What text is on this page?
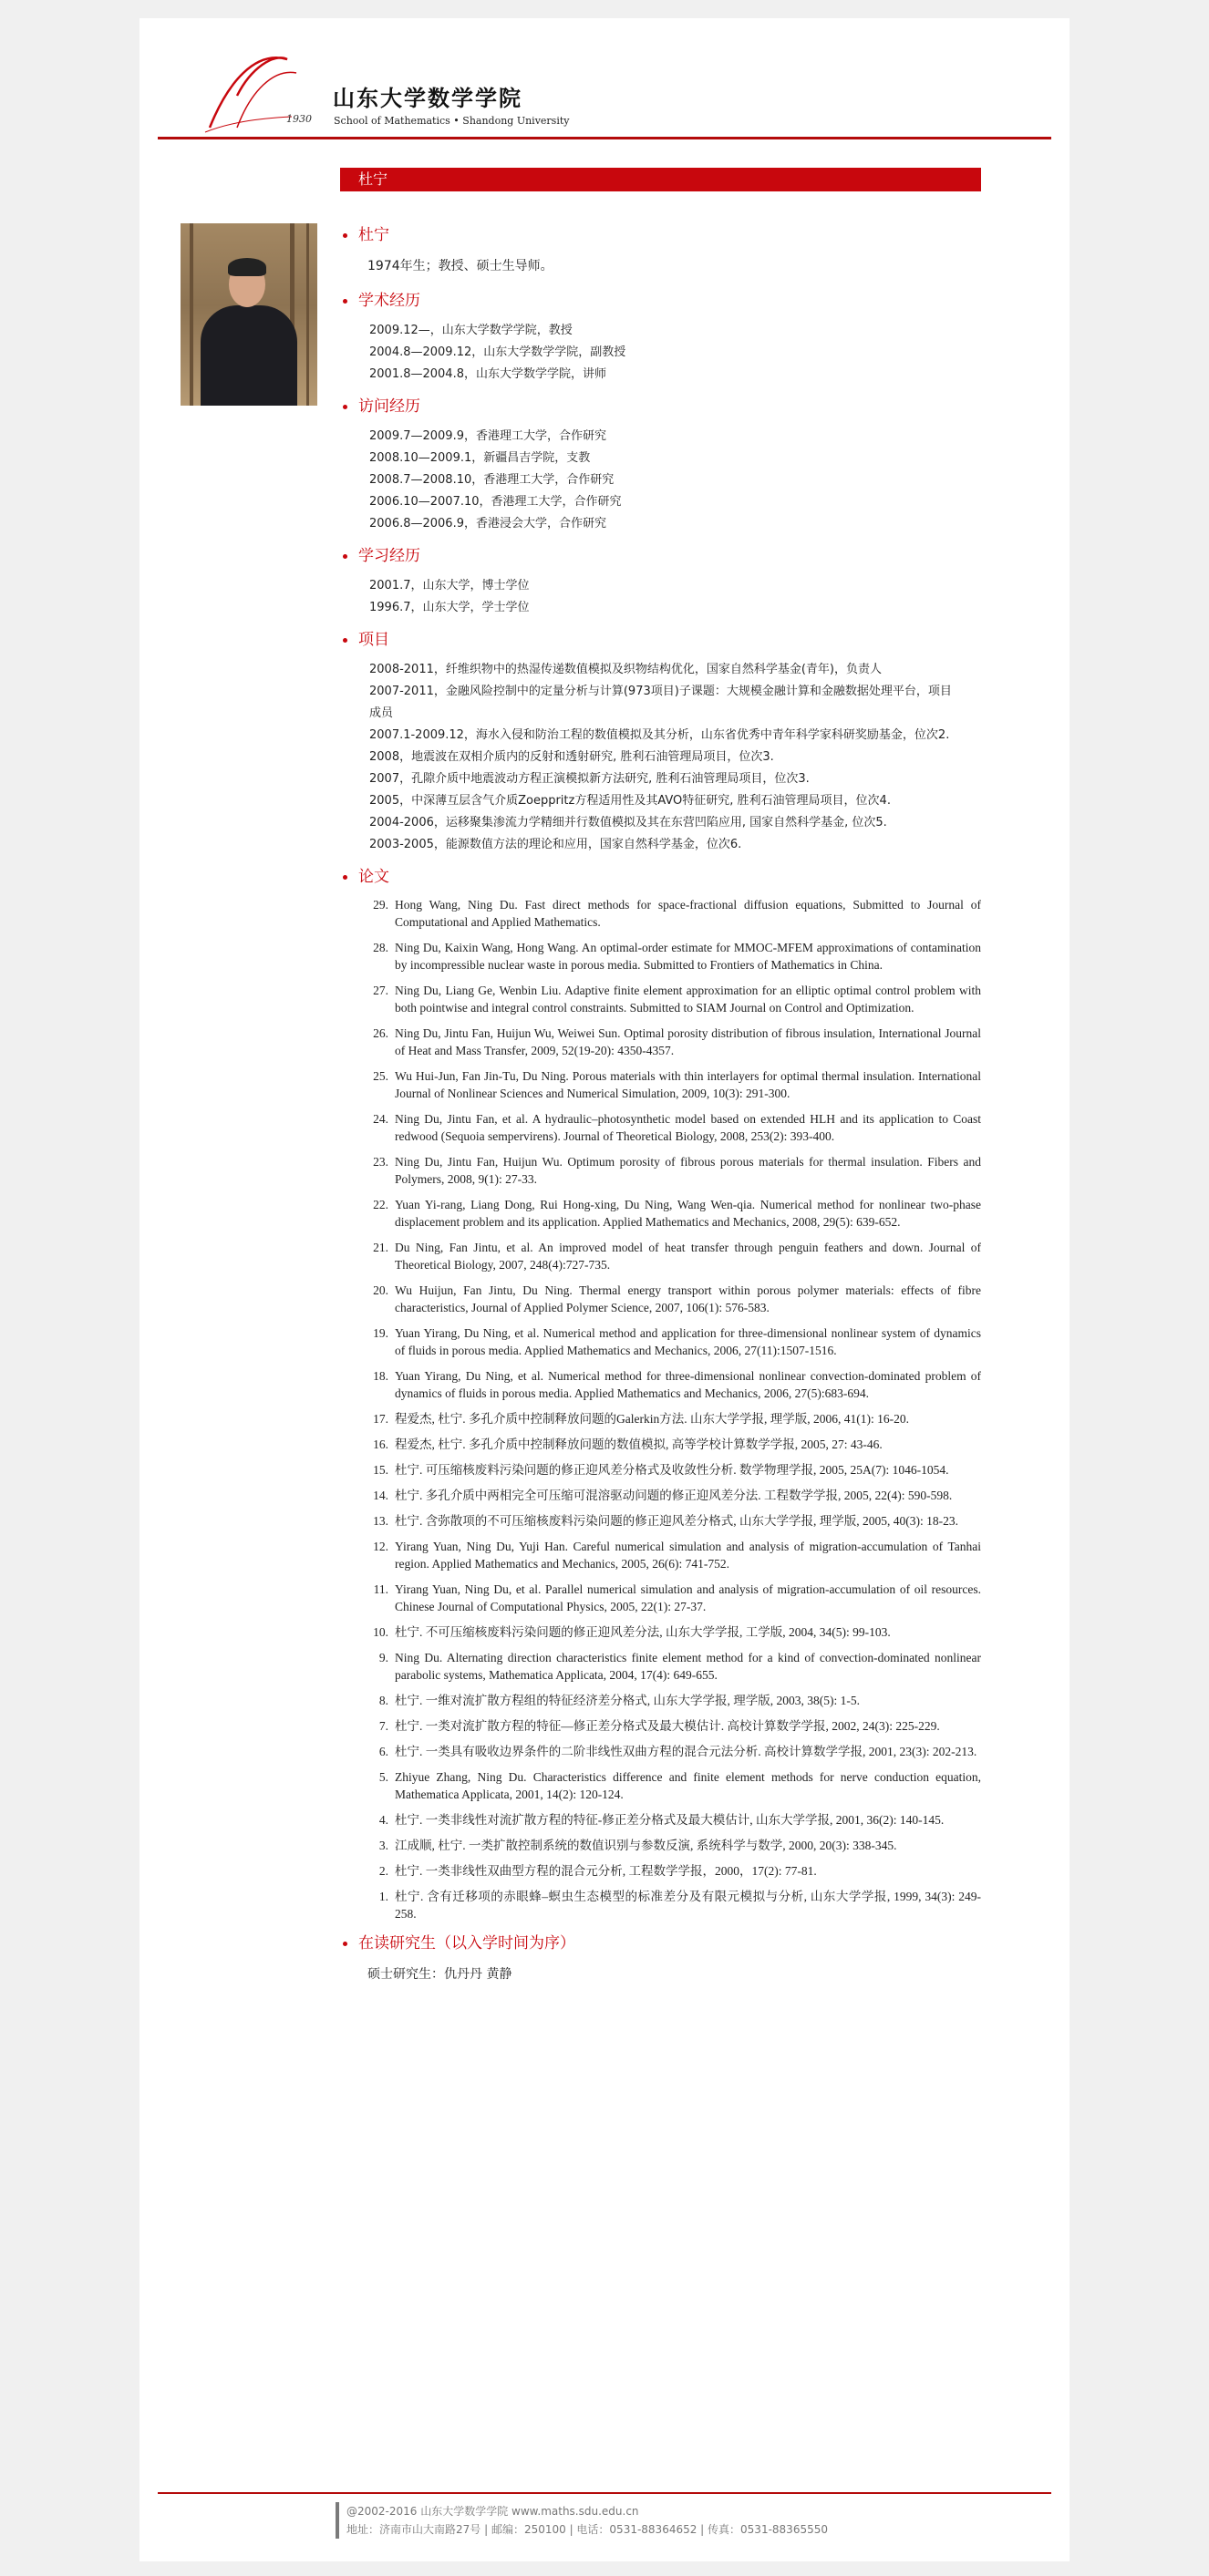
1930
山东大学数学学院
School of Mathematics • Shandong University
杜宁
杜宁
1974年生；教授、硕士生导师。
学术经历
2009.12—，山东大学数学学院，教授
2004.8—2009.12，山东大学数学学院，副教授
2001.8—2004.8，山东大学数学学院，讲师
访问经历
2009.7—2009.9，香港理工大学，合作研究
2008.10—2009.1，新疆昌吉学院，支教
2008.7—2008.10，香港理工大学，合作研究
2006.10—2007.10，香港理工大学，合作研究
2006.8—2006.9，香港浸会大学，合作研究
学习经历
2001.7，山东大学，博士学位
1996.7，山东大学，学士学位
项目
2008-2011，纤维织物中的热湿传递数值模拟及织物结构优化，国家自然科学基金(青年)，负责人
2007-2011，金融风险控制中的定量分析与计算(973项目)子课题：大规模金融计算和金融数据处理平台，项目成员
2007.1-2009.12，海水入侵和防治工程的数值模拟及其分析，山东省优秀中青年科学家科研奖励基金，位次2.
2008，地震波在双相介质内的反射和透射研究, 胜利石油管理局项目，位次3.
2007，孔隙介质中地震波动方程正演模拟新方法研究, 胜利石油管理局项目，位次3.
2005，中深薄互层含气介质Zoeppritz方程适用性及其AVO特征研究, 胜利石油管理局项目，位次4.
2004-2006，运移聚集渗流力学精细并行数值模拟及其在东营凹陷应用, 国家自然科学基金, 位次5.
2003-2005，能源数值方法的理论和应用，国家自然科学基金，位次6.
论文
29. Hong Wang, Ning Du. Fast direct methods for space-fractional diffusion equations, Submitted to Journal of Computational and Applied Mathematics.
28. Ning Du, Kaixin Wang, Hong Wang. An optimal-order estimate for MMOC-MFEM approximations of contamination by incompressible nuclear waste in porous media. Submitted to Frontiers of Mathematics in China.
27. Ning Du, Liang Ge, Wenbin Liu. Adaptive finite element approximation for an elliptic optimal control problem with both pointwise and integral control constraints. Submitted to SIAM Journal on Control and Optimization.
26. Ning Du, Jintu Fan, Huijun Wu, Weiwei Sun. Optimal porosity distribution of fibrous insulation, International Journal of Heat and Mass Transfer, 2009, 52(19-20): 4350-4357.
25. Wu Hui-Jun, Fan Jin-Tu, Du Ning. Porous materials with thin interlayers for optimal thermal insulation. International Journal of Nonlinear Sciences and Numerical Simulation, 2009, 10(3): 291-300.
24. Ning Du, Jintu Fan, et al. A hydraulic–photosynthetic model based on extended HLH and its application to Coast redwood (Sequoia sempervirens). Journal of Theoretical Biology, 2008, 253(2): 393-400.
23. Ning Du, Jintu Fan, Huijun Wu. Optimum porosity of fibrous porous materials for thermal insulation. Fibers and Polymers, 2008, 9(1): 27-33.
22. Yuan Yi-rang, Liang Dong, Rui Hong-xing, Du Ning, Wang Wen-qia. Numerical method for nonlinear two-phase displacement problem and its application. Applied Mathematics and Mechanics, 2008, 29(5): 639-652.
21. Du Ning, Fan Jintu, et al. An improved model of heat transfer through penguin feathers and down. Journal of Theoretical Biology, 2007, 248(4):727-735.
20. Wu Huijun, Fan Jintu, Du Ning. Thermal energy transport within porous polymer materials: effects of fibre characteristics, Journal of Applied Polymer Science, 2007, 106(1): 576-583.
19. Yuan Yirang, Du Ning, et al. Numerical method and application for three-dimensional nonlinear system of dynamics of fluids in porous media. Applied Mathematics and Mechanics, 2006, 27(11):1507-1516.
18. Yuan Yirang, Du Ning, et al. Numerical method for three-dimensional nonlinear convection-dominated problem of dynamics of fluids in porous media. Applied Mathematics and Mechanics, 2006, 27(5):683-694.
17. 程爱杰, 杜宁. 多孔介质中控制释放问题的Galerkin方法. 山东大学学报, 理学版, 2006, 41(1): 16-20.
16. 程爱杰, 杜宁. 多孔介质中控制释放问题的数值模拟, 高等学校计算数学学报, 2005, 27: 43-46.
15. 杜宁. 可压缩核废料污染问题的修正迎风差分格式及收敛性分析. 数学物理学报, 2005, 25A(7): 1046-1054.
14. 杜宁. 多孔介质中两相完全可压缩可混溶驱动问题的修正迎风差分法. 工程数学学报, 2005, 22(4): 590-598.
13. 杜宁. 含弥散项的不可压缩核废料污染问题的修正迎风差分格式, 山东大学学报, 理学版, 2005, 40(3): 18-23.
12. Yirang Yuan, Ning Du, Yuji Han. Careful numerical simulation and analysis of migration-accumulation of Tanhai region. Applied Mathematics and Mechanics, 2005, 26(6): 741-752.
11. Yirang Yuan, Ning Du, et al. Parallel numerical simulation and analysis of migration-accumulation of oil resources. Chinese Journal of Computational Physics, 2005, 22(1): 27-37.
10. 杜宁. 不可压缩核废料污染问题的修正迎风差分法, 山东大学学报, 工学版, 2004, 34(5): 99-103.
9. Ning Du. Alternating direction characteristics finite element method for a kind of convection-dominated nonlinear parabolic systems, Mathematica Applicata, 2004, 17(4): 649-655.
8. 杜宁. 一维对流扩散方程组的特征经济差分格式, 山东大学学报, 理学版, 2003, 38(5): 1-5.
7. 杜宁. 一类对流扩散方程的特征—修正差分格式及最大模估计. 高校计算数学学报, 2002, 24(3): 225-229.
6. 杜宁. 一类具有吸收边界条件的二阶非线性双曲方程的混合元法分析. 高校计算数学学报, 2001, 23(3): 202-213.
5. Zhiyue Zhang, Ning Du. Characteristics difference and finite element methods for nerve conduction equation, Mathematica Applicata, 2001, 14(2): 120-124.
4. 杜宁. 一类非线性对流扩散方程的特征-修正差分格式及最大模估计, 山东大学学报, 2001, 36(2): 140-145.
3. 江成顺, 杜宁. 一类扩散控制系统的数值识别与参数反演, 系统科学与数学, 2000, 20(3): 338-345.
2. 杜宁. 一类非线性双曲型方程的混合元分析, 工程数学学报，2000，17(2): 77-81.
1. 杜宁. 含有迁移项的赤眼蜂–螟虫生态模型的标准差分及有限元模拟与分析, 山东大学学报, 1999, 34(3): 249-258.
在读研究生（以入学时间为序）
硕士研究生：仇丹丹 黄静
@2002-2016 山东大学数学学院 www.maths.sdu.edu.cn
地址：济南市山大南路27号 | 邮编：250100 | 电话：0531-88364652 | 传真：0531-88365550
